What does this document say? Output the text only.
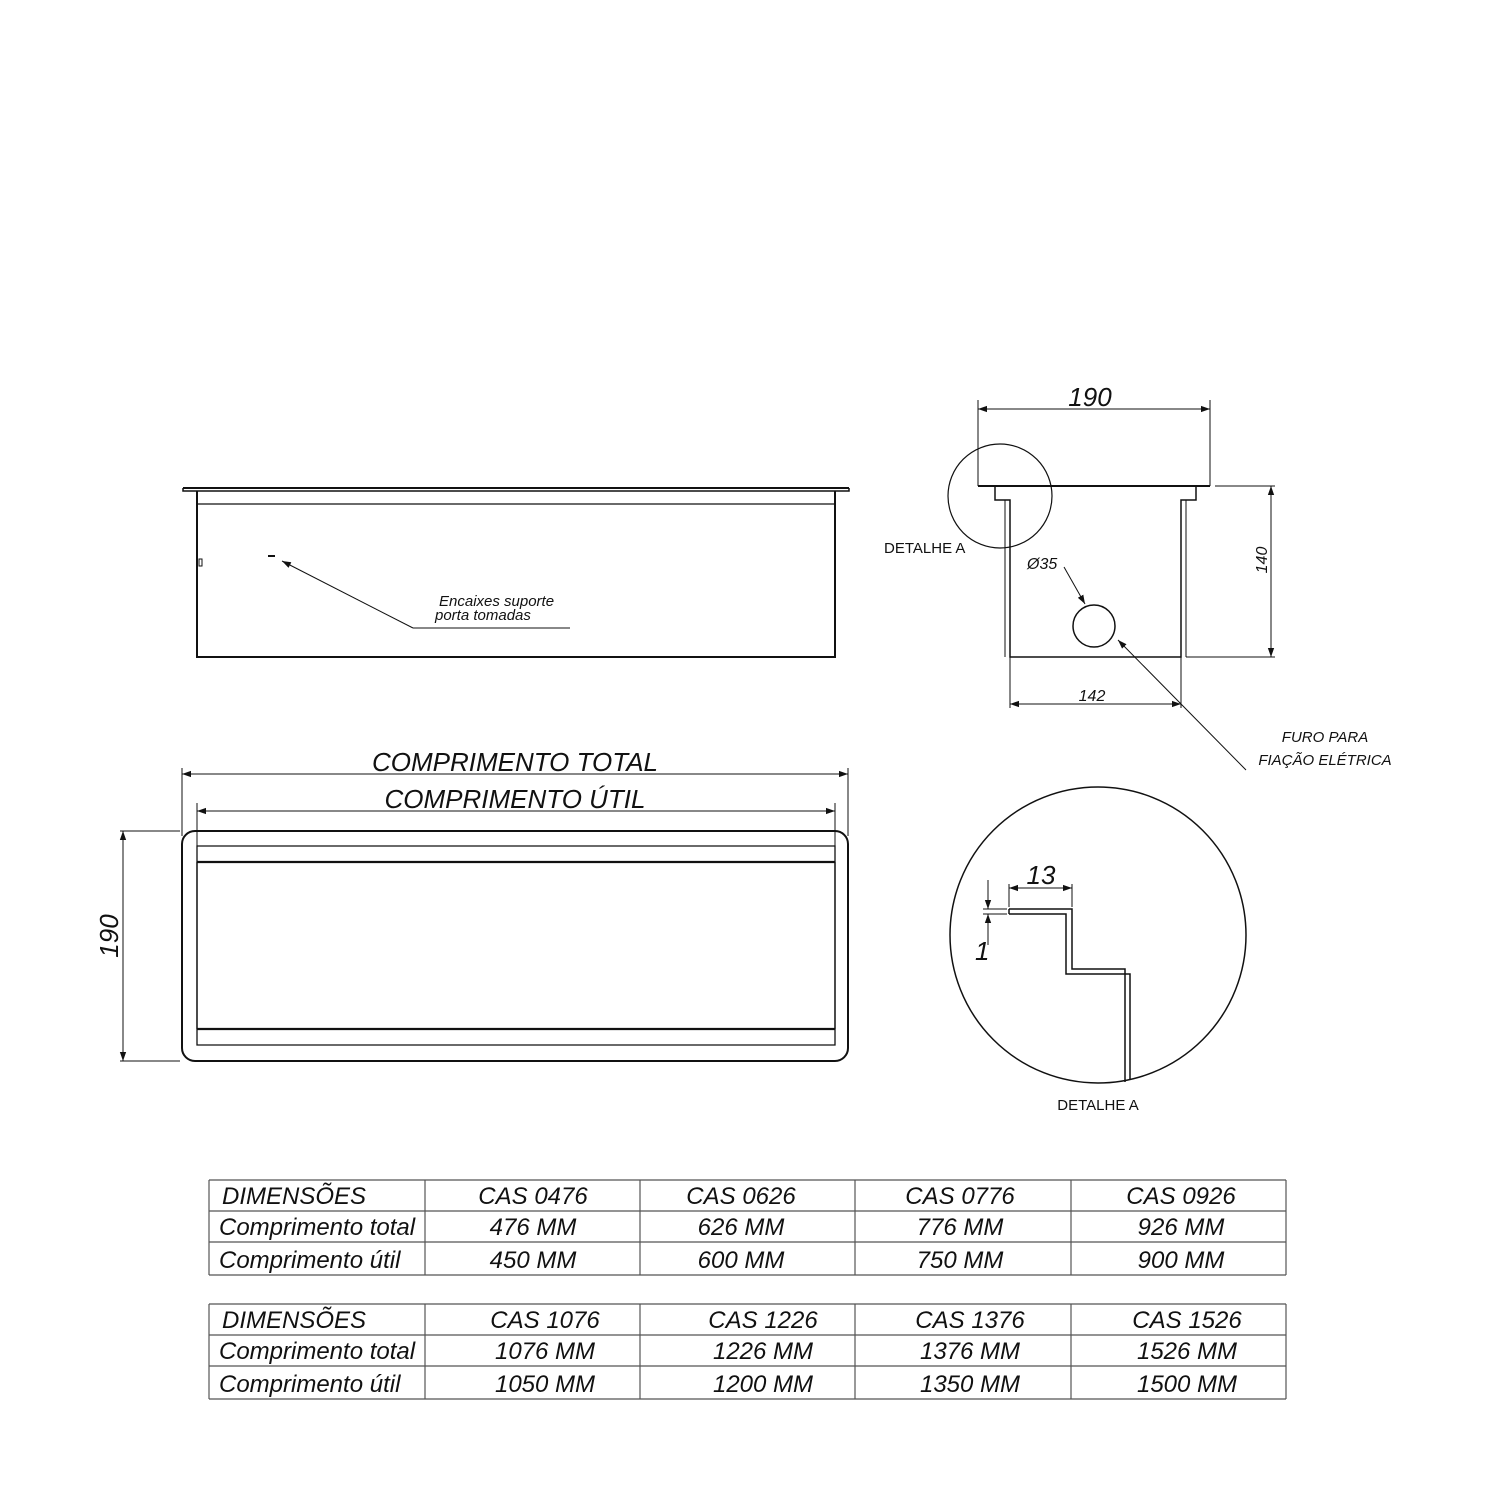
Encaixes suporte
porta tomadas
COMPRIMENTO TOTAL
COMPRIMENTO ÚTIL
190
190
140
142
Ø35
DETALHE A
FURO PARA
FIAÇÃO ELÉTRICA
13
1
DETALHE A
DIMENSÕES	CAS 0476	CAS 0626	CAS 0776	CAS 0926
Comprimento total	476 MM	626 MM	776 MM	926 MM
Comprimento útil	450 MM	600 MM	750 MM	900 MM
DIMENSÕES	CAS 1076	CAS 1226	CAS 1376	CAS 1526
Comprimento total	1076 MM	1226 MM	1376 MM	1526 MM
Comprimento útil	1050 MM	1200 MM	1350 MM	1500 MM
